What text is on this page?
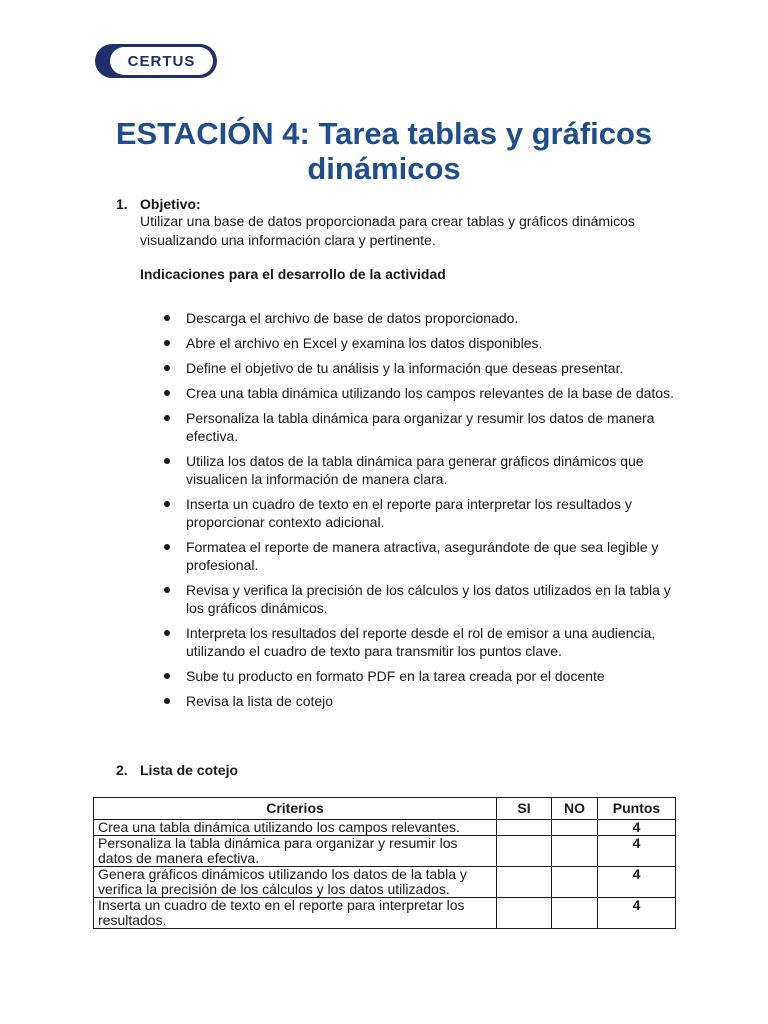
CERTUS
ESTACIÓN 4: Tarea tablas y gráficos dinámicos
1. Objetivo:

Utilizar una base de datos proporcionada para crear tablas y gráficos dinámicos visualizando una información clara y pertinente.

Indicaciones para el desarrollo de la actividad

Descarga el archivo de base de datos proporcionado.
Abre el archivo en Excel y examina los datos disponibles.
Define el objetivo de tu análisis y la información que deseas presentar.
Crea una tabla dinámica utilizando los campos relevantes de la base de datos.
Personaliza la tabla dinámica para organizar y resumir los datos de manera efectiva.
Utiliza los datos de la tabla dinámica para generar gráficos dinámicos que visualicen la información de manera clara.
Inserta un cuadro de texto en el reporte para interpretar los resultados y proporcionar contexto adicional.
Formatea el reporte de manera atractiva, asegurándote de que sea legible y profesional.
Revisa y verifica la precisión de los cálculos y los datos utilizados en la tabla y los gráficos dinámicos.
Interpreta los resultados del reporte desde el rol de emisor a una audiencia, utilizando el cuadro de texto para transmitir los puntos clave.
Sube tu producto en formato PDF en la tarea creada por el docente
Revisa la lista de cotejo
2. Lista de cotejo
Criterios	SI	NO	Puntos
Crea una tabla dinámica utilizando los campos relevantes.			4
Personaliza la tabla dinámica para organizar y resumir los datos de manera efectiva.			4
Genera gráficos dinámicos utilizando los datos de la tabla y verifica la precisión de los cálculos y los datos utilizados.			4
Inserta un cuadro de texto en el reporte para interpretar los resultados.			4
